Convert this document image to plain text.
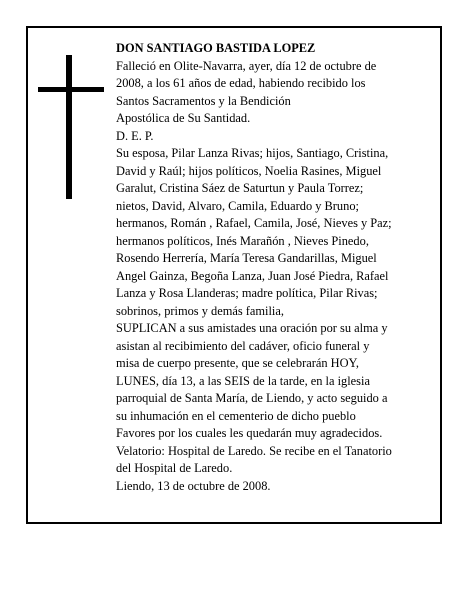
DON SANTIAGO BASTIDA LOPEZ
Falleció en Olite-Navarra, ayer, día 12 de octubre de
2008, a los 61 años de edad, habiendo recibido los
Santos Sacramentos y la Bendición
Apostólica de Su Santidad.
D. E. P.
Su esposa, Pilar Lanza Rivas; hijos, Santiago, Cristina,
David y Raúl; hijos políticos, Noelia Rasines, Miguel
Garalut, Cristina Sáez de Saturtun y Paula Torrez;
nietos, David, Alvaro, Camila, Eduardo y Bruno;
hermanos, Román , Rafael, Camila, José, Nieves y Paz;
hermanos políticos, Inés Marañón , Nieves Pinedo,
Rosendo Herrería, María Teresa Gandarillas, Miguel
Angel Gainza, Begoña Lanza, Juan José Piedra, Rafael
Lanza y Rosa Llanderas; madre política, Pilar Rivas;
sobrinos, primos y demás familia,
SUPLICAN a sus amistades una oración por su alma y
asistan al recibimiento del cadáver, oficio funeral y
misa de cuerpo presente, que se celebrarán HOY,
LUNES, día 13, a las SEIS de la tarde, en la iglesia
parroquial de Santa María, de Liendo, y acto seguido a
su inhumación en el cementerio de dicho pueblo
Favores por los cuales les quedarán muy agradecidos.
Velatorio: Hospital de Laredo. Se recibe en el Tanatorio
del Hospital de Laredo.
Liendo, 13 de octubre de 2008.
